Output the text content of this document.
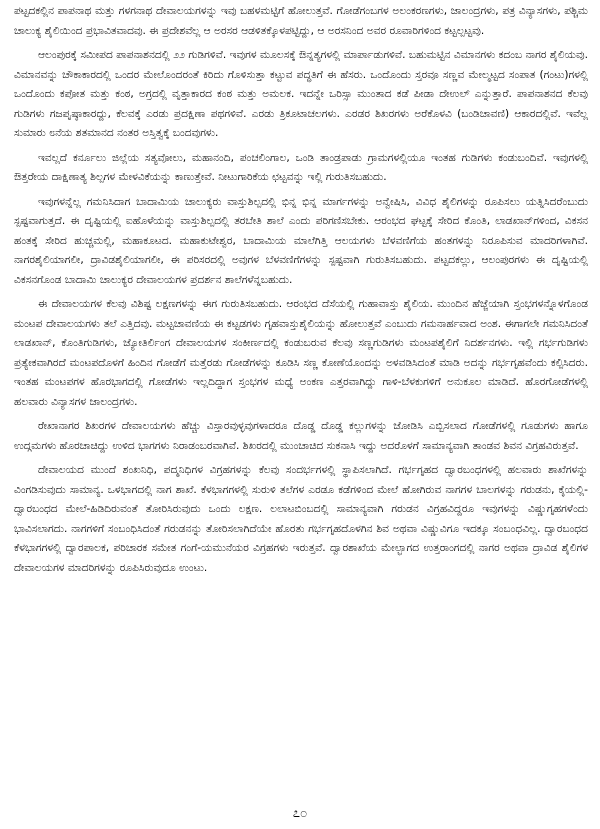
ಪಟ್ಟದಕಲ್ಲಿನ ಪಾಪನಾಥ ಮತ್ತು ಗಳಗನಾಥ ದೇವಾಲಯಗಳನ್ನು ಇವು ಬಹಳಮಟ್ಟಿಗೆ ಹೋಲುತ್ತವೆ. ಗೋಡೆಗಂಬಗಳ ಅಲಂಕರಣಗಳು, ಜಾಲಂದ್ರಗಳು, ಪತ್ರ ವಿನ್ಯಾಸಗಳು, ಪಶ್ಚಿಮ ಚಾಲುಕ್ಯ ಶೈಲಿಯಿಂದ ಪ್ರಭಾವಿತವಾದವು. ಈ ಪ್ರದೇಶವೆಲ್ಲ ಆ ಅರಸರ ಆಡಳಿತಕ್ಕೊಳಪಟ್ಟಿದ್ದು, ಆ ಅರಸನಿಂದ ಅವರ ರೂವಾರಿಗಳಿಂದ ಕಟ್ಟಲ್ಪಟ್ಟವು.

ಆಲಂಪುರಕ್ಕೆ ಸಮೀಪದ ಪಾಪನಾಶನದಲ್ಲಿ ೨೨ ಗುಡಿಗಳಿವೆ. ಇವುಗಳ ಮೂಲಸಕ್ಕೆ ಔನ್ನತ್ಯಗಳಲ್ಲಿ ಮಾರ್ಪಾಡುಗಳಿವೆ. ಬಹುಮಟ್ಟಿನ ವಿಮಾನಗಳು ಕದಂಬ ನಾಗರ ಶೈಲಿಯವು. ವಿಮಾನವನ್ನು ಚೌಕಾಕಾರದಲ್ಲಿ ಒಂದರ ಮೇಲೊಂದರಂತೆ ಕಿರಿದು ಗೊಳಿಸುತ್ತಾ ಕಟ್ಟುವ ಪದ್ಧತಿಗೆ ಈ ಹೆಸರು. ಒಂದೊಂದು ಸ್ತರವೂ ಸಣ್ಣವ ಮೇಲ್ಮಟ್ಟದ ಸಂಪಾತ (ಗಂಟು)ಗಳಲ್ಲಿ ಒಂದೊಂದು ಕಪೋತ ಮತ್ತು ಕಂಠ, ಅಗ್ರದಲ್ಲಿ ವೃತ್ತಾಕಾರದ ಕಂಠ ಮತ್ತು ಅಮಲಕ. ಇದನ್ನೇ ಒರಿಸ್ಸಾ ಮುಂತಾದ ಕಡೆ ಪೀಡಾ ದೇಉಲ್ ಎನ್ನುತ್ತಾರೆ. ಪಾಪನಾಶನದ ಕೆಲವು ಗುಡಿಗಳು ಗಜಪೃಷ್ಠಾಕಾರದ್ದು, ಕೆಲವಕ್ಕೆ ಎರಡು ಪ್ರದಕ್ಷಿಣಾ ಪಥಗಳಿವೆ. ಎರಡು ತ್ರಿಕೂಟಾಚಲಗಳು. ಎರಡರ ಶಿಖರಗಳು ಅರೆಕೊಳವಿ (ಬಂಡಿಚಾವಣಿ) ಆಕಾರದಲ್ಲಿವೆ. ಇವೆಲ್ಲ ಸುಮಾರು ೮ನೆಯ ಶತಮಾನದ ನಂತರ ಅಸ್ತಿತ್ವಕ್ಕೆ ಬಂದವುಗಳು.

ಇವಲ್ಲದೆ ಕರ್ನೂಲು ಜಿಲ್ಲೆಯ ಸತ್ಯವೋಲು, ಮಹಾನಂದಿ, ಪಂಚಲಿಂಗಾಲ, ಒಂಡಿ ತಾಂಡ್ರಪಾಡು ಗ್ರಾಮಗಳಲ್ಲಿಯೂ ಇಂತಹ ಗುಡಿಗಳು ಕಂಡುಬಂದಿವೆ. ಇವುಗಳಲ್ಲಿ ಔತ್ತರೇಯ ದಾಕ್ಷಿಣಾತ್ಯ ಶಿಲ್ಪಗಳ ಮೇಳವಿಕೆಯನ್ನು ಕಾಣುತ್ತೇವೆ. ನೀಟುಗಾರಿಕೆಯ ಛಟ್ಟವನ್ನು ಇಲ್ಲಿ ಗುರುತಿಸಬಹುದು.

ಇವುಗಳನ್ನೆಲ್ಲ ಗಮನಿಸಿದಾಗ ಬಾದಾಮಿಯ ಚಾಲುಕ್ಯರು ವಾಸ್ತುಶಿಲ್ಪದಲ್ಲಿ ಭಿನ್ನ ಭಿನ್ನ ಮಾರ್ಗಗಳನ್ನು ಅನ್ವೇಷಿಸಿ, ವಿವಿಧ ಶೈಲಿಗಳನ್ನು ರೂಪಿಸಲು ಯತ್ನಿಸಿದರೆಂಬುದು ಸ್ಪಷ್ಟವಾಗುತ್ತದೆ. ಈ ದೃಷ್ಟಿಯಲ್ಲಿ ಐಹೊಳೆಯನ್ನು ವಾಸ್ತುಶಿಲ್ಪದಲ್ಲಿ ತರಬೇತಿ ಶಾಲೆ ಎಂದು ಪರಿಗಣಿಸಬೇಕು. ಆರಂಭದ ಘಟ್ಟಕ್ಕೆ ಸೇರಿದ ಕೊಂತಿ, ಲಾಡಖಾನ್‌ಗಳಿಂದ, ವಿಕಸನ ಹಂತಕ್ಕೆ ಸೇರಿದ ಹುಚ್ಚಮಲ್ಲಿ, ಮಹಾಕೂಟದ. ಮಹಾಕುಟೇಶ್ವರ, ಬಾದಾಮಿಯ ಮಾಲೆಗಿತ್ತಿ ಆಲಯಗಳು ಬೆಳವಣಿಗೆಯ ಹಂತಗಳನ್ನು ನಿರೂಪಿಸುವ ಮಾದರಿಗಳಾಗಿವೆ. ನಾಗರಶೈಲಿಯಾಗಲೀ, ದ್ರಾವಿಡಶೈಲಿಯಾಗಲೀ, ಈ ಪರಿಸರದಲ್ಲಿ ಅವುಗಳ ಬೆಳವಣಿಗೆಗಳನ್ನು ಸ್ಪಷ್ಟವಾಗಿ ಗುರುತಿಸಬಹುದು. ಪಟ್ಟದಕಲ್ಲು, ಆಲಂಪುರಗಳು ಈ ದೃಷ್ಟಿಯಲ್ಲಿ ವಿಕಸನಗೊಂಡ ಬಾದಾಮಿ ಚಾಲುಕ್ಯರ ದೇವಾಲಯಗಳ ಪ್ರದರ್ಶನ ಶಾಲೆಗಳೆನ್ನಬಹುದು.

ಈ ದೇವಾಲಯಗಳ ಕೆಲವು ವಿಶಿಷ್ಟ ಲಕ್ಷಣಗಳನ್ನು ಈಗ ಗುರುತಿಸಬಹುದು. ಆರಂಭದ ದೆಸೆಯಲ್ಲಿ ಗುಹಾವಾಸ್ತು ಶೈಲಿಯ. ಮುಂದಿನ ಹೆಜ್ಜೆಯಾಗಿ ಸ್ತಂಭಗಳನ್ನೊಳಗೊಂಡ ಮಂಟಪ ದೇವಾಲಯಗಳು ತಲೆ ಎತ್ತಿದವು. ಮಟ್ಟಚಾವಣಿಯ ಈ ಕಟ್ಟಡಗಳು ಗೃಹವಾಸ್ತುಶೈಲಿಯನ್ನು ಹೋಲುತ್ತವೆ ಎಂಬುದು ಗಮನಾರ್ಹವಾದ ಅಂಶ. ಈಗಾಗಲೇ ಗಮನಿಸಿದಂತೆ ಲಾಡಖಾನ್, ಕೊಂತಿಗುಡಿಗಳು, ಜ್ಯೋತಿರ್ಲಿಂಗ ದೇವಾಲಯಗಳ ಸಂಕೀರ್ಣದಲ್ಲಿ ಕಂಡುಬರುವ ಕೆಲವು ಸಣ್ಣಗುಡಿಗಳು ಮಂಟಪಶೈಲಿಗೆ ನಿದರ್ಶನಗಳು. ಇಲ್ಲಿ ಗರ್ಭಗುಡಿಗಳು ಪ್ರತ್ಯೇಕವಾಗಿರದೆ ಮಂಟಪದೊಳಗೆ ಹಿಂದಿನ ಗೋಡೆಗೆ ಮತ್ತೆರಡು ಗೋಡೆಗಳನ್ನು ಕೂಡಿಸಿ ಸಣ್ಣ ಕೋಣೆಯೊಂದನ್ನು ಅಳವಡಿಸಿದಂತೆ ಮಾಡಿ ಅದನ್ನು ಗರ್ಭಗೃಹವೆಂದು ಕಲ್ಪಿಸಿದರು. ಇಂತಹ ಮಂಟಪಗಳ ಹೊರಭಾಗದಲ್ಲಿ ಗೋಡೆಗಳು ಇಲ್ಲದಿದ್ದಾಗ ಸ್ತಂಭಗಳ ಮಧ್ಯೆ ಅಂಕಣ ಎತ್ತರವಾಗಿದ್ದು ಗಾಳಿ-ಬೆಳಕುಗಳಿಗೆ ಅನುಕೂಲ ಮಾಡಿದೆ. ಹೊರಗೋಡೆಗಳಲ್ಲಿ ಹಲವಾರು ವಿನ್ಯಾಸಗಳ ಜಾಲಂದ್ರಗಳು.

ರೇಖಾನಾಗರ ಶಿಖರಗಳ ದೇವಾಲಯಗಳು ಹೆಚ್ಚು ವಿಸ್ತಾರವುಳ್ಳವುಗಳಾದರೂ ದೊಡ್ಡ ದೊಡ್ಡ ಕಲ್ಲುಗಳನ್ನು ಜೋಡಿಸಿ ಎಬ್ಬಿಸಲಾದ ಗೋಡೆಗಳಲ್ಲಿ ಗೂಡುಗಳು ಹಾಗೂ ಉದ್ಗಮಗಳು ಹೊರಚಾಚಿದ್ದು ಉಳಿದ ಭಾಗಗಳು ನಿರಾಡಂಬರವಾಗಿವೆ. ಶಿಖರದಲ್ಲಿ ಮುಂಚಾಚಿದ ಸುಕನಾಸಿ ಇದ್ದು ಅದರೊಳಗೆ ಸಾಮಾನ್ಯವಾಗಿ ತಾಂಡವ ಶಿವನ ವಿಗ್ರಹವಿರುತ್ತವೆ.

ದೇವಾಲಯದ ಮುಂದೆ ಶಂಖನಿಧಿ, ಪದ್ಮನಿಧಿಗಳ ವಿಗ್ರಹಗಳನ್ನು ಕೆಲವು ಸಂದರ್ಭಗಳಲ್ಲಿ ಸ್ಥಾಪಿಸಲಾಗಿದೆ. ಗರ್ಭಗೃಹದ ದ್ವಾರಬಂಧಗಳಲ್ಲಿ ಹಲವಾರು ಶಾಖೆಗಳನ್ನು ವಿಂಗಡಿಸುವುದು ಸಾಮಾನ್ಯ. ಒಳಭಾಗದಲ್ಲಿ ನಾಗ ಶಾಖೆ. ಕೆಳಭಾಗಗಳಲ್ಲಿ ಸುರುಳಿ ತಲೆಗಳ ಎರಡೂ ಕಡೆಗಳಿಂದ ಮೇಲೆ ಹೋಗಿರುವ ನಾಗಗಳ ಬಾಲಗಳನ್ನು ಗರುಡನು, ಕೈಯಲ್ಲಿ-ದ್ವಾರಬಂಧದ ಮೇಲೆ-ಹಿಡಿದಿರುವಂತೆ ತೋರಿಸಿರುವುದು ಒಂದು ಲಕ್ಷಣ. ಲಲಾಟಬಿಂಬದಲ್ಲಿ ಸಾಮಾನ್ಯವಾಗಿ ಗರುಡನ ವಿಗ್ರಹವಿದ್ದರೂ ಇವುಗಳನ್ನು ವಿಷ್ಣುಗೃಹಗಳೆಂದು ಭಾವಿಸಲಾಗದು. ನಾಗಗಳಿಗೆ ಸಂಬಂಧಿಸಿದಂತೆ ಗರುಡನನ್ನು ತೋರಿಸಲಾಗಿದೆಯೇ ಹೊರತು ಗರ್ಭಗೃಹದೊಳಗಿನ ಶಿವ ಅಥವಾ ವಿಷ್ಣುವಿಗೂ ಇದಕ್ಕೂ ಸಂಬಂಧವಿಲ್ಲ. ದ್ವಾರಬಂಧದ ಕೆಳಭಾಗಗಳಲ್ಲಿ ದ್ವಾರಪಾಲಕ, ಪರಿಚಾರಕ ಸಮೇತ ಗಂಗೆ-ಯಮುನೆಯರ ವಿಗ್ರಹಗಳು ಇರುತ್ತವೆ. ದ್ವಾರಶಾಖೆಯ ಮೇಲ್ಭಾಗದ ಉತ್ತರಾಂಗದಲ್ಲಿ ನಾಗರ ಅಥವಾ ದ್ರಾವಿಡ ಶೈಲಿಗಳ ದೇವಾಲಯಗಳ ಮಾದರಿಗಳನ್ನು ರೂಪಿಸಿರುವುದೂ ಉಂಟು.

೭೦
